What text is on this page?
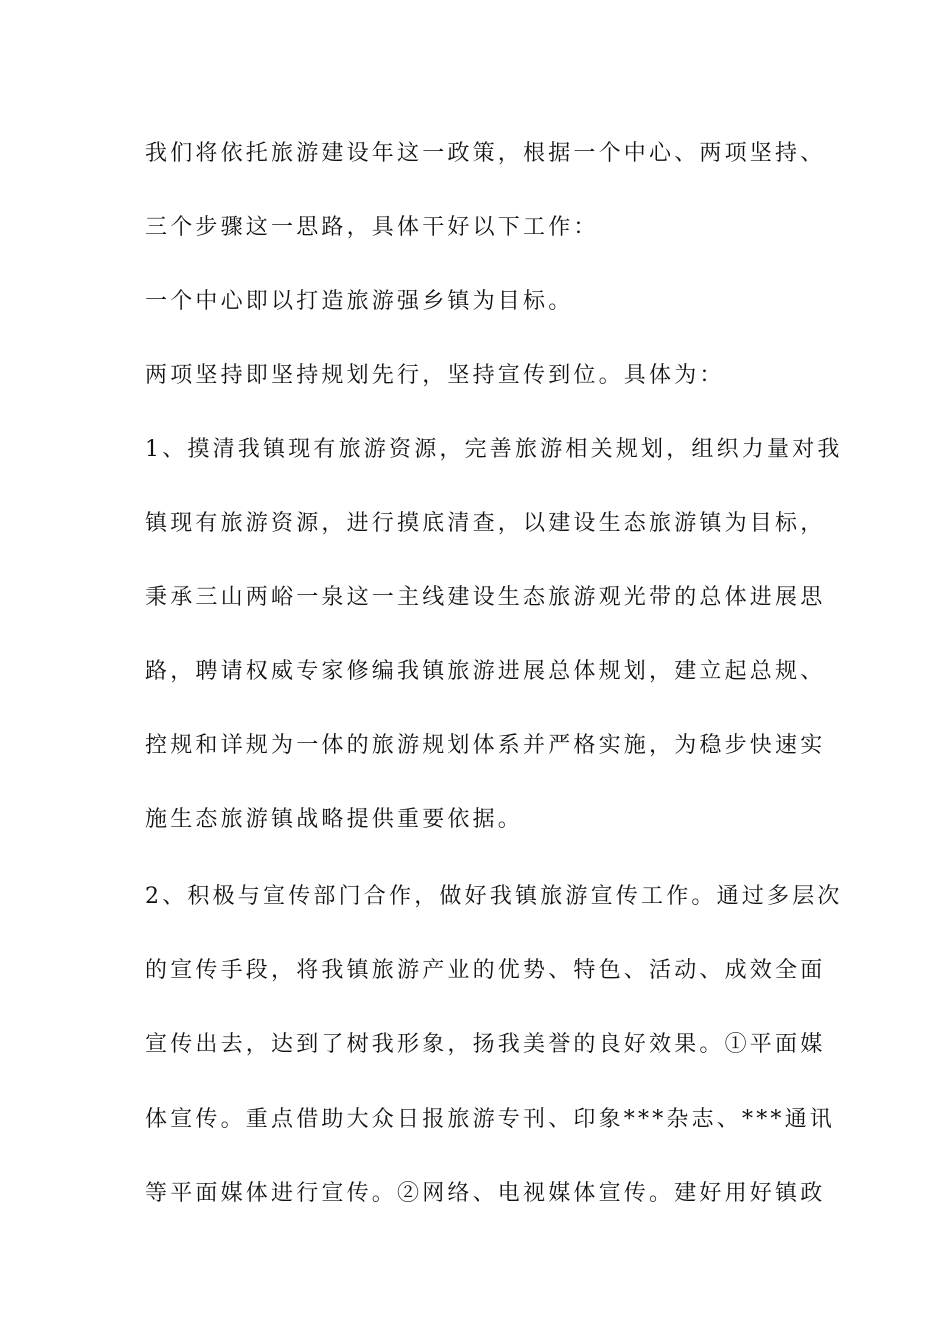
我们将依托旅游建设年这一政策，根据一个中心、两项坚持、
三个步骤这一思路，具体干好以下工作：
一个中心即以打造旅游强乡镇为目标。
两项坚持即坚持规划先行，坚持宣传到位。具体为：
1、摸清我镇现有旅游资源，完善旅游相关规划，组织力量对我
镇现有旅游资源，进行摸底清查，以建设生态旅游镇为目标，
秉承三山两峪一泉这一主线建设生态旅游观光带的总体进展思
路，聘请权威专家修编我镇旅游进展总体规划，建立起总规、
控规和详规为一体的旅游规划体系并严格实施，为稳步快速实
施生态旅游镇战略提供重要依据。
2、积极与宣传部门合作，做好我镇旅游宣传工作。通过多层次
的宣传手段，将我镇旅游产业的优势、特色、活动、成效全面
宣传出去，达到了树我形象，扬我美誉的良好效果。①平面媒
体宣传。重点借助大众日报旅游专刊、印象***杂志、***通讯
等平面媒体进行宣传。②网络、电视媒体宣传。建好用好镇政
